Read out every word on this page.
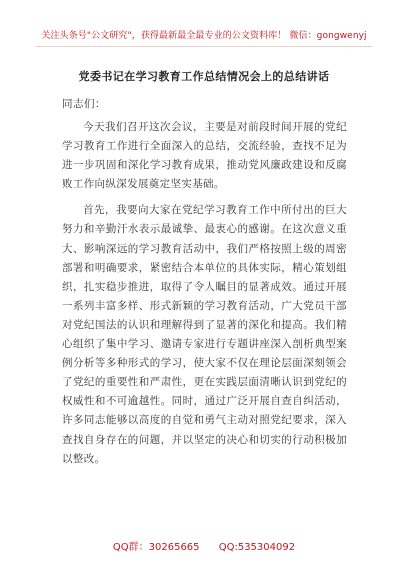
关注头条号"公文研究"，获得最新最全最专业的公文资料库！ 微信：gongwenyj
党委书记在学习教育工作总结情况会上的总结讲话
同志们：

今天我们召开这次会议，主要是对前段时间开展的党纪学习教育工作进行全面深入的总结，交流经验，查找不足为进一步巩固和深化学习教育成果，推动党风廉政建设和反腐败工作向纵深发展奠定坚实基础。

首先，我要向大家在党纪学习教育工作中所付出的巨大努力和辛勤汗水表示最诚挚、最衷心的感谢。在这次意义重大、影响深远的学习教育活动中，我们严格按照上级的周密部署和明确要求，紧密结合本单位的具体实际，精心策划组织，扎实稳步推进，取得了令人瞩目的显著成效。通过开展一系列丰富多样、形式新颖的学习教育活动，广大党员干部对党纪国法的认识和理解得到了显著的深化和提高。我们精心组织了集中学习、邀请专家进行专题讲座深入剖析典型案例分析等多种形式的学习，使大家不仅在理论层面深刻领会了党纪的重要性和严肃性，更在实践层面清晰认识到党纪的权威性和不可逾越性。同时，通过广泛开展自查自纠活动，许多同志能够以高度的自觉和勇气主动对照党纪要求，深入查找自身存在的问题，并以坚定的决心和切实的行动积极加以整改。

QQ群：30265665 QQ:535304092
